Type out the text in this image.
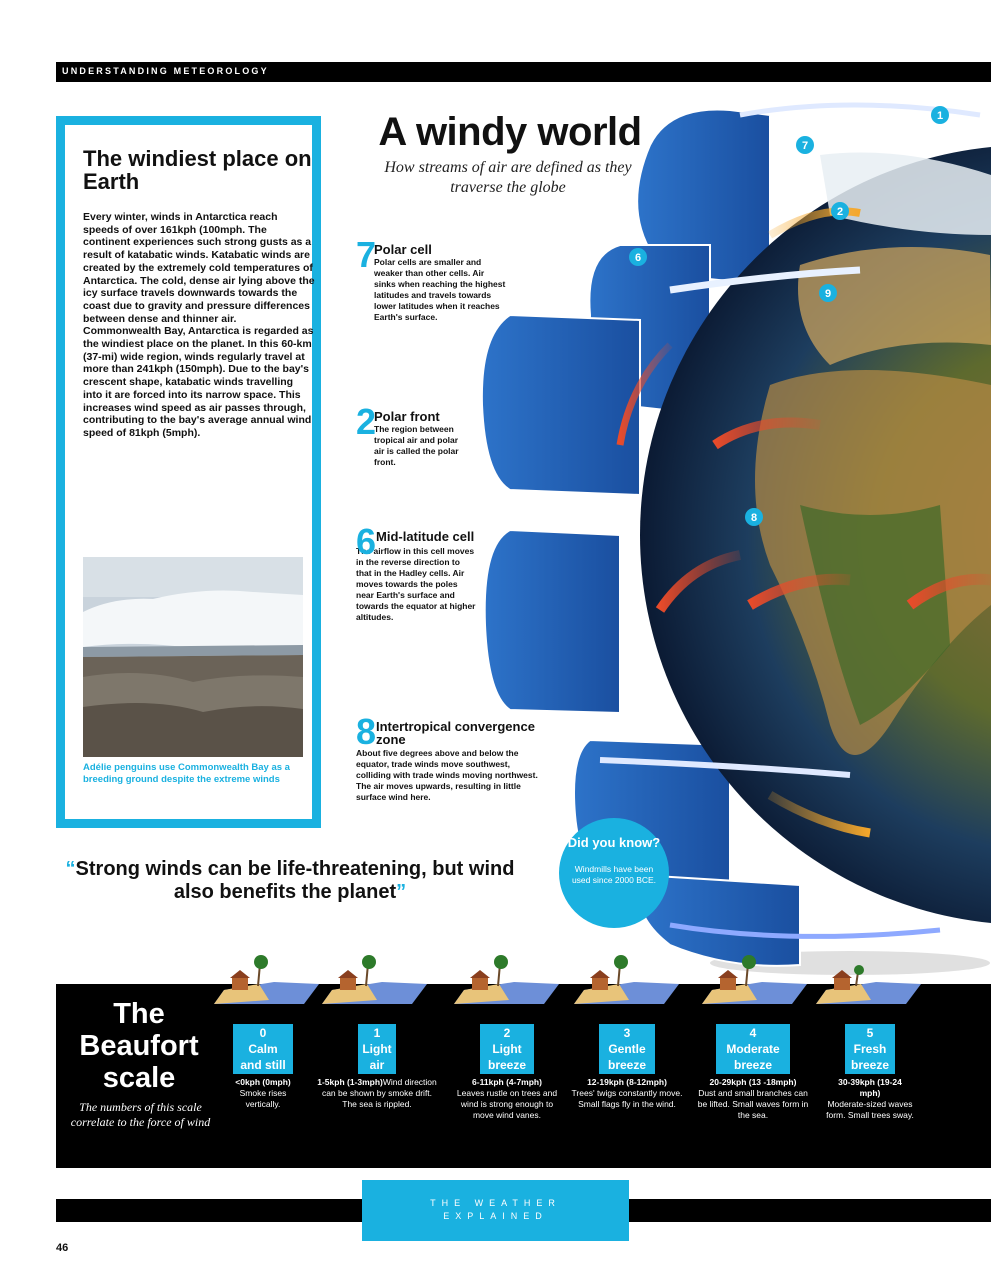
UNDERSTANDING METEOROLOGY
1
7
2
6
9
8
The windiest place on Earth

Every winter, winds in Antarctica reach speeds of over 161kph (100mph. The continent experiences such strong gusts as a result of katabatic winds. Katabatic winds are created by the extremely cold temperatures of Antarctica. The cold, dense air lying above the icy surface travels downwards towards the coast due to gravity and pressure differences between dense and thinner air. Commonwealth Bay, Antarctica is regarded as the windiest place on the planet. In this 60-km (37-mi) wide region, winds regularly travel at more than 241kph (150mph). Due to the bay's crescent shape, katabatic winds travelling into it are forced into its narrow space. This increases wind speed as air passes through, contributing to the bay's average annual wind speed of 81kph (5mph).

Adélie penguins use Commonwealth Bay as a breeding ground despite the extreme winds

A windy world

How streams of air are defined as they traverse the globe

7
Polar cell
Polar cells are smaller and weaker than other cells. Air sinks when reaching the highest latitudes and travels towards lower latitudes when it reaches Earth's surface.
2
Polar front
The region between tropical air and polar air is called the polar front.
6 Mid-latitude cell
The airflow in this cell moves in the reverse direction to that in the Hadley cells. Air moves towards the poles near Earth's surface and towards the equator at higher altitudes.
8 Intertropical convergence zone
About five degrees above and below the equator, trade winds move southwest, colliding with trade winds moving northwest. The air moves upwards, resulting in little surface wind here.

“Strong winds can be life-threatening, but wind also benefits the planet”

Did you know?
Windmills have been used since 2000 BCE.
The Beaufort scale
The numbers of this scale correlate to the force of wind
0
Calm and still
<0kph (0mph)
Smoke rises vertically.
1
Light air
1-5kph (1-3mph)Wind direction can be shown by smoke drift. The sea is rippled.
2
Light breeze
6-11kph (4-7mph)
Leaves rustle on trees and wind is strong enough to move wind vanes.
3
Gentle breeze
12-19kph (8-12mph)
Trees' twigs constantly move. Small flags fly in the wind.
4
Moderate breeze
20-29kph (13 -18mph)
Dust and small branches can be lifted. Small waves form in the sea.
5
Fresh breeze
30-39kph (19-24 mph)
Moderate-sized waves form. Small trees sway.
THE WEATHER EXPLAINED
46
